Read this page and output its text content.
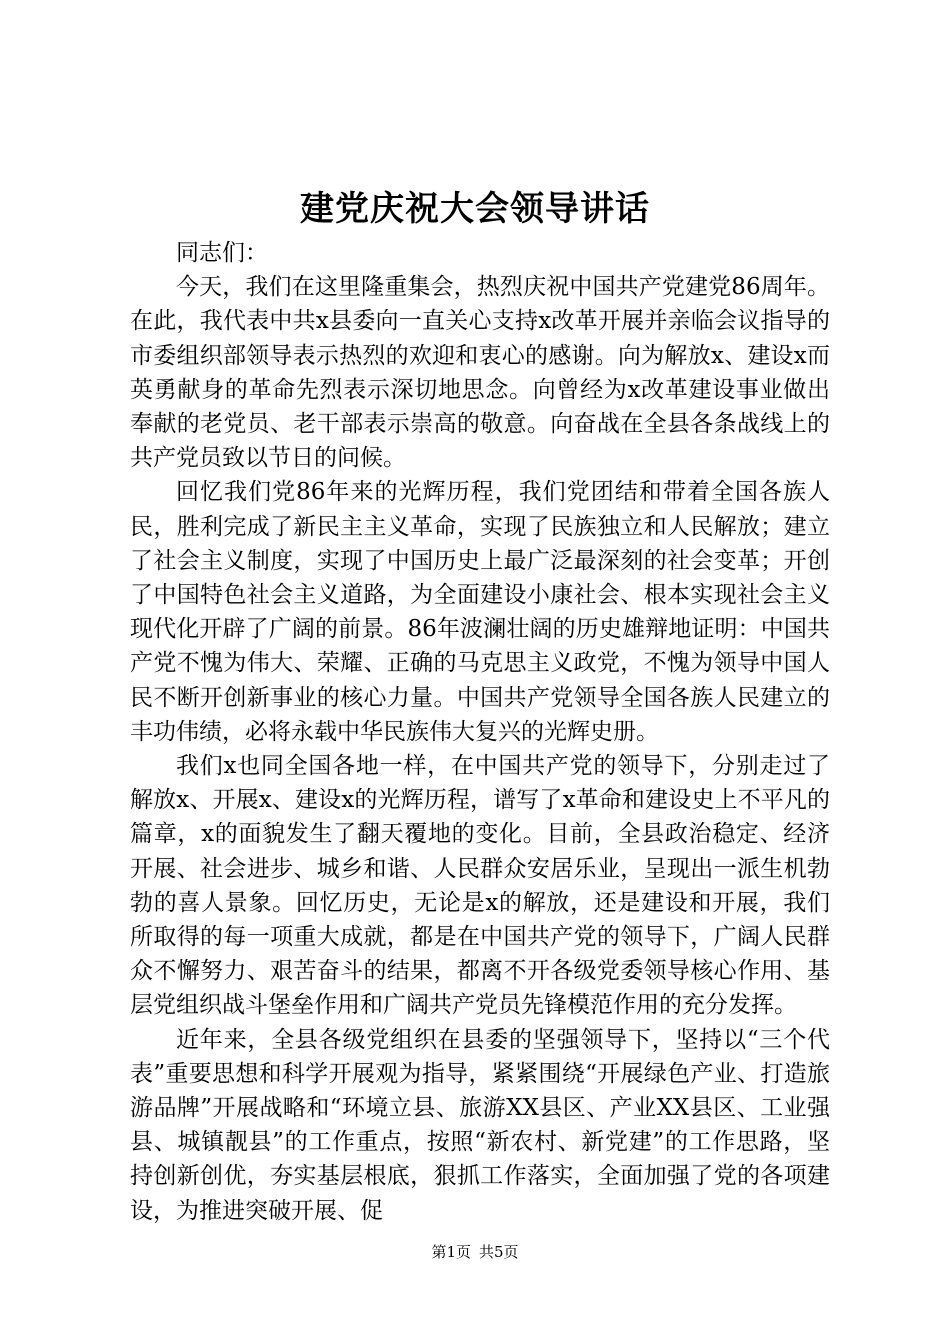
建党庆祝大会领导讲话

同志们：

今天，我们在这里隆重集会，热烈庆祝中国共产党建党86周年。在此，我代表中共x县委向一直关心支持x改革开展并亲临会议指导的市委组织部领导表示热烈的欢迎和衷心的感谢。向为解放x、建设x而英勇献身的革命先烈表示深切地思念。向曾经为x改革建设事业做出奉献的老党员、老干部表示崇高的敬意。向奋战在全县各条战线上的共产党员致以节日的问候。

回忆我们党86年来的光辉历程，我们党团结和带着全国各族人民，胜利完成了新民主主义革命，实现了民族独立和人民解放；建立了社会主义制度，实现了中国历史上最广泛最深刻的社会变革；开创了中国特色社会主义道路，为全面建设小康社会、根本实现社会主义现代化开辟了广阔的前景。86年波澜壮阔的历史雄辩地证明：中国共产党不愧为伟大、荣耀、正确的马克思主义政党，不愧为领导中国人民不断开创新事业的核心力量。中国共产党领导全国各族人民建立的丰功伟绩，必将永载中华民族伟大复兴的光辉史册。

我们x也同全国各地一样，在中国共产党的领导下，分别走过了解放x、开展x、建设x的光辉历程，谱写了x革命和建设史上不平凡的篇章，x的面貌发生了翻天覆地的变化。目前，全县政治稳定、经济开展、社会进步、城乡和谐、人民群众安居乐业，呈现出一派生机勃勃的喜人景象。回忆历史，无论是x的解放，还是建设和开展，我们所取得的每一项重大成就，都是在中国共产党的领导下，广阔人民群众不懈努力、艰苦奋斗的结果，都离不开各级党委领导核心作用、基层党组织战斗堡垒作用和广阔共产党员先锋模范作用的充分发挥。

近年来，全县各级党组织在县委的坚强领导下，坚持以“三个代表”重要思想和科学开展观为指导，紧紧围绕“开展绿色产业、打造旅游品牌”开展战略和“环境立县、旅游XX县区、产业XX县区、工业强县、城镇靓县”的工作重点，按照“新农村、新党建”的工作思路，坚持创新创优，夯实基层根底，狠抓工作落实，全面加强了党的各项建设，为推进突破开展、促

第1页 共5页
